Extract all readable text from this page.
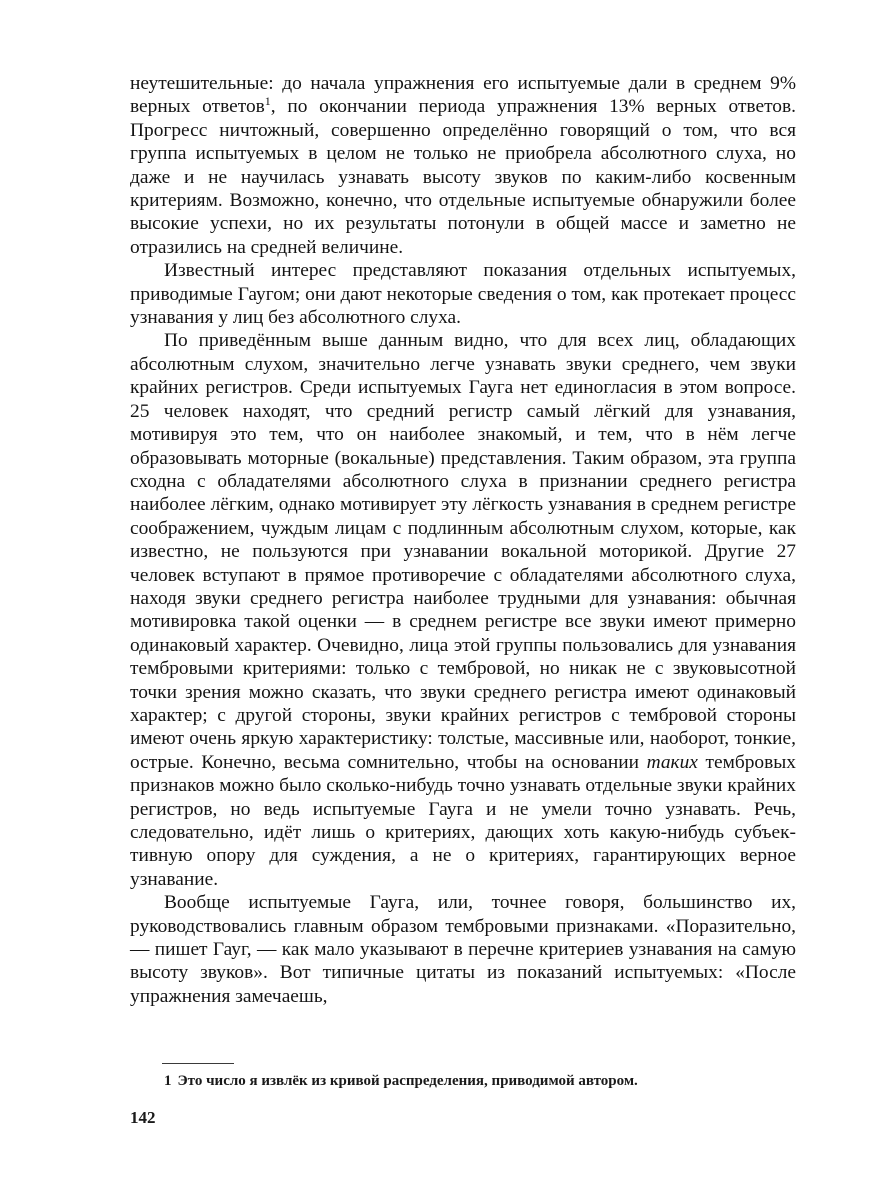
неутешительные: до начала упражнения его испытуемые дали в среднем 9% верных ответов$^1$, по окончании периода упражнения 13% верных ответов. Прогресс ничтожный, совершенно определённо говорящий о том, что вся группа испытуемых в целом не только не приобрела абсолютного слуха, но даже и не научилась узнавать высоту звуков по каким-либо косвенным критериям. Возможно, конечно, что отдельные испытуемые обнаружили более высокие успехи, но их результаты потонули в общей массе и заметно не отразились на средней величине.

Известный интерес представляют показания отдельных испытуемых, приводимые Гаугом; они дают некоторые сведения о том, как протекает процесс узнавания у лиц без абсолютного слуха.

По приведённым выше данным видно, что для всех лиц, обладающих абсолютным слухом, значительно легче узнавать звуки среднего, чем звуки крайних регистров. Среди испытуемых Гауга нет единогласия в этом вопросе. 25 человек находят, что средний регистр самый лёгкий для узнавания, мотивируя это тем, что он наиболее знакомый, и тем, что в нём легче образовывать моторные (вокальные) представления. Таким образом, эта группа сходна с обладателями абсолютного слуха в признании среднего регистра наиболее лёгким, однако мотивирует эту лёгкость узнавания в среднем регистре соображением, чуждым лицам с подлинным абсолютным слухом, которые, как известно, не пользуются при узнавании вокальной моторикой. Другие 27 человек вступают в прямое противоречие с обладателями абсолютного слуха, находя звуки среднего регистра наиболее трудными для узнавания: обычная мотивировка такой оценки — в среднем регистре все звуки имеют примерно одинаковый характер. Очевидно, лица этой группы пользовались для узнавания тембровыми критериями: только с тембровой, но никак не с звуковысотной точки зрения можно сказать, что звуки среднего регистра имеют одинаковый характер; с другой стороны, звуки крайних регистров с тембровой стороны имеют очень яркую характеристику: толстые, массивные или, наоборот, тонкие, острые. Конечно, весьма сомнительно, чтобы на основании таких тембровых признаков можно было сколько-нибудь точно узнавать отдельные звуки крайних регистров, но ведь испытуемые Гауга и не умели точно узнавать. Речь, следовательно, идёт лишь о критериях, дающих хоть какую-нибудь субъективную опору для суждения, а не о критериях, гарантирующих верное узнавание.

Вообще испытуемые Гауга, или, точнее говоря, большинство их, руководствовались главным образом тембровыми признаками. «Поразительно, — пишет Гауг, — как мало указывают в перечне критериев узнавания на самую высоту звуков». Вот типичные цитаты из показаний испытуемых: «После упражнения замечаешь,

1 Это число я извлёк из кривой распределения, приводимой автором.
142
